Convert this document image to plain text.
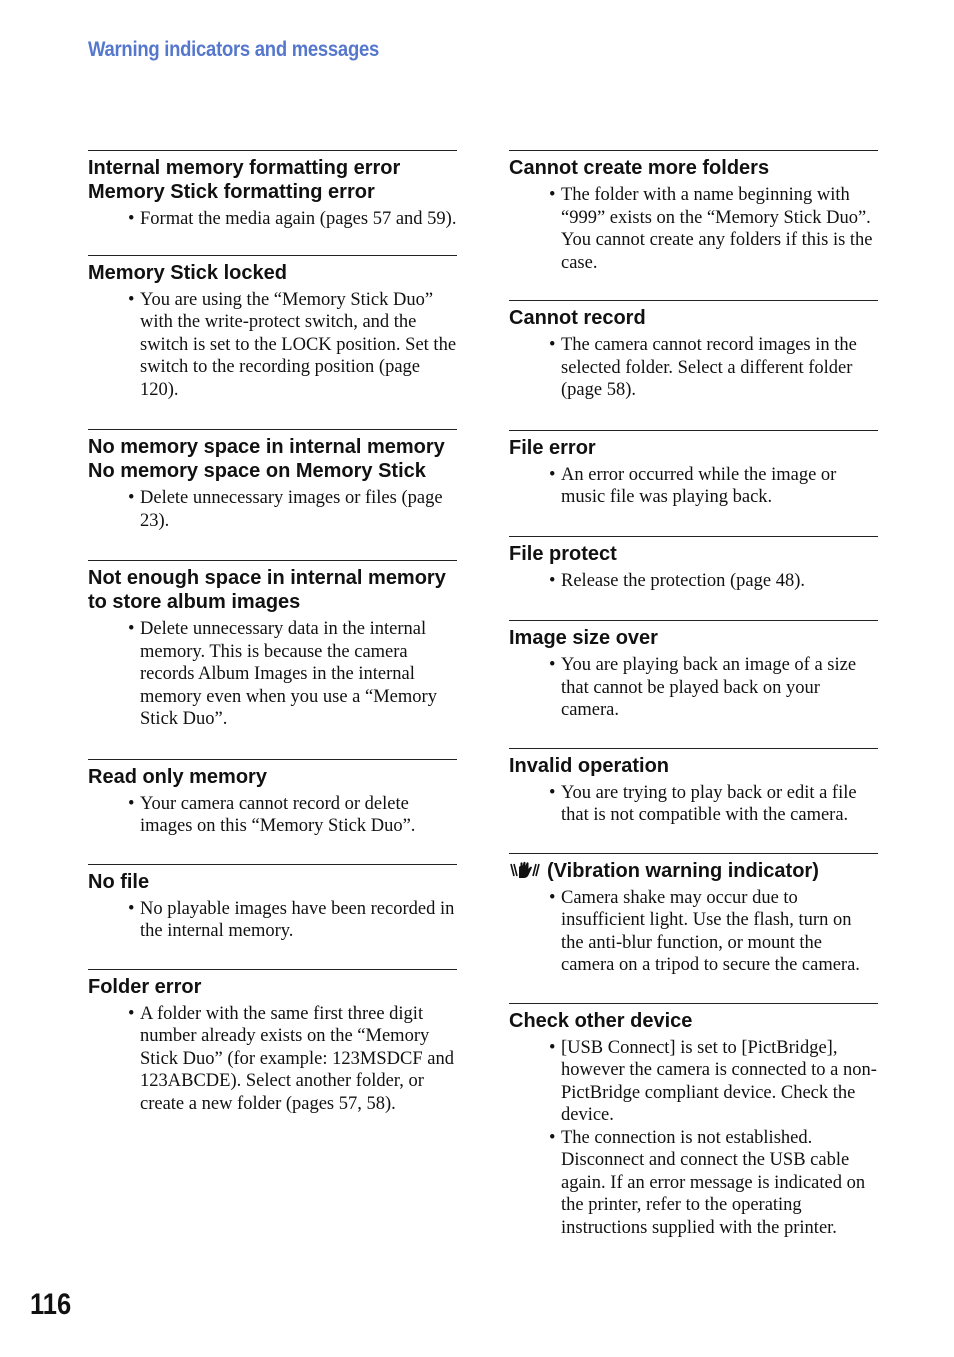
Warning indicators and messages
Internal memory formatting error
Memory Stick formatting error
• Format the media again (pages 57 and 59).
Memory Stick locked
• You are using the “Memory Stick Duo” with the write-protect switch, and the switch is set to the LOCK position. Set the switch to the recording position (page 120).
No memory space in internal memory
No memory space on Memory Stick
• Delete unnecessary images or files (page 23).
Not enough space in internal memory to store album images
• Delete unnecessary data in the internal memory. This is because the camera records Album Images in the internal memory even when you use a “Memory Stick Duo”.
Read only memory
• Your camera cannot record or delete images on this “Memory Stick Duo”.
No file
• No playable images have been recorded in the internal memory.
Folder error
• A folder with the same first three digit number already exists on the “Memory Stick Duo” (for example: 123MSDCF and 123ABCDE). Select another folder, or create a new folder (pages 57, 58).
Cannot create more folders
• The folder with a name beginning with “999” exists on the “Memory Stick Duo”. You cannot create any folders if this is the case.
Cannot record
• The camera cannot record images in the selected folder. Select a different folder (page 58).
File error
• An error occurred while the image or music file was playing back.
File protect
• Release the protection (page 48).
Image size over
• You are playing back an image of a size that cannot be played back on your camera.
Invalid operation
• You are trying to play back or edit a file that is not compatible with the camera.
(Vibration warning indicator)
• Camera shake may occur due to insufficient light. Use the flash, turn on the anti-blur function, or mount the camera on a tripod to secure the camera.
Check other device
• [USB Connect] is set to [PictBridge], however the camera is connected to a non-PictBridge compliant device. Check the device.
• The connection is not established. Disconnect and connect the USB cable again. If an error message is indicated on the printer, refer to the operating instructions supplied with the printer.
116
